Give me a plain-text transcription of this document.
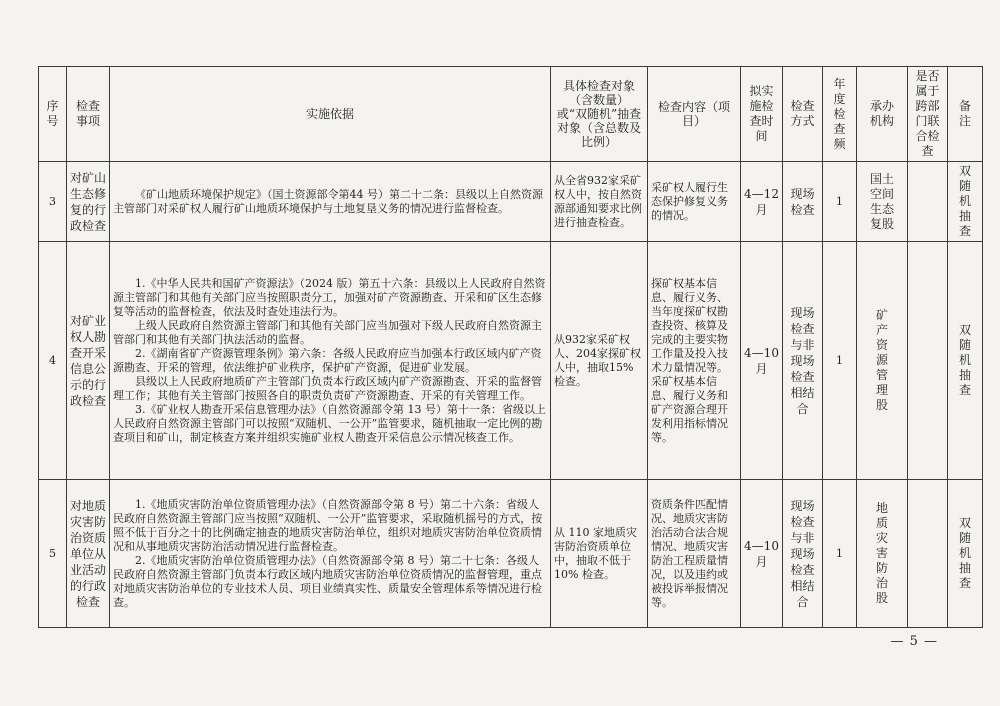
序号	检查事项	实施依据	具体检查对象（含数量）或“双随机”抽查对象（含总数及比例）	检查内容（项目）	拟实施检查时间	检查方式	年度检查频	承办机构	是否属于跨部门联合检查	备注
3	对矿山生态修复的行政检查	《矿山地质环境保护规定》（国土资源部令第44 号）第二十二条：县级以上自然资源主管部门对采矿权人履行矿山地质环境保护与土地复垦义务的情况进行监督检查。	从全省932家采矿权人中，按自然资源部通知要求比例进行抽查检查。	采矿权人履行生态保护修复义务的情况。	4—12月	现场检查	1	国土空间生态复股		双随机抽查
4	对矿业权人勘查开采信息公示的行政检查	1.《中华人民共和国矿产资源法》（2024 版）第五十六条：县级以上人民政府自然资源主管部门和其他有关部门应当按照职责分工，加强对矿产资源勘查、开采和矿区生态修复等活动的监督检查，依法及时查处违法行为。

上级人民政府自然资源主管部门和其他有关部门应当加强对下级人民政府自然资源主管部门和其他有关部门执法活动的监督。

2.《湖南省矿产资源管理条例》第六条：各级人民政府应当加强本行政区域内矿产资源勘查、开采的管理，依法维护矿业秩序，保护矿产资源，促进矿业发展。

县级以上人民政府地质矿产主管部门负责本行政区域内矿产资源勘查、开采的监督管理工作；其他有关主管部门按照各自的职责负责矿产资源勘查、开采的有关管理工作。

3.《矿业权人勘查开采信息管理办法》（自然资源部令第 13 号）第十一条：省级以上人民政府自然资源主管部门可以按照“双随机、一公开”监管要求，随机抽取一定比例的勘查项目和矿山，制定核查方案并组织实施矿业权人勘查开采信息公示情况核查工作。	从932家采矿权人、204家探矿权人中，抽取15%检查。	探矿权基本信息、履行义务、当年度探矿权勘查投资、核算及完成的主要实物工作量及投入技术力量情况等。采矿权基本信息、履行义务和矿产资源合理开发利用指标情况等。	4—10月	现场检查与非现场检查相结合	1	矿产资源管理股		双随机抽查
5	对地质灾害防治资质单位从业活动的行政检查	1.《地质灾害防治单位资质管理办法》（自然资源部令第 8 号）第二十六条：省级人民政府自然资源主管部门应当按照“双随机、一公开”监管要求，采取随机摇号的方式，按照不低于百分之十的比例确定抽查的地质灾害防治单位，组织对地质灾害防治单位资质情况和从事地质灾害防治活动情况进行监督检查。

2.《地质灾害防治单位资质管理办法》（自然资源部令第 8 号）第二十七条：各级人民政府自然资源主管部门负责本行政区域内地质灾害防治单位资质情况的监督管理，重点对地质灾害防治单位的专业技术人员、项目业绩真实性、质量安全管理体系等情况进行检查。	从 110 家地质灾害防治资质单位中，抽取不低于 10% 检查。	资质条件匹配情况、地质灾害防治活动合法合规情况、地质灾害防治工程质量情况，以及违约或被投诉举报情况等。	4—10月	现场检查与非现场检查相结合	1	地质灾害防治股		双随机抽查
— 5 —
